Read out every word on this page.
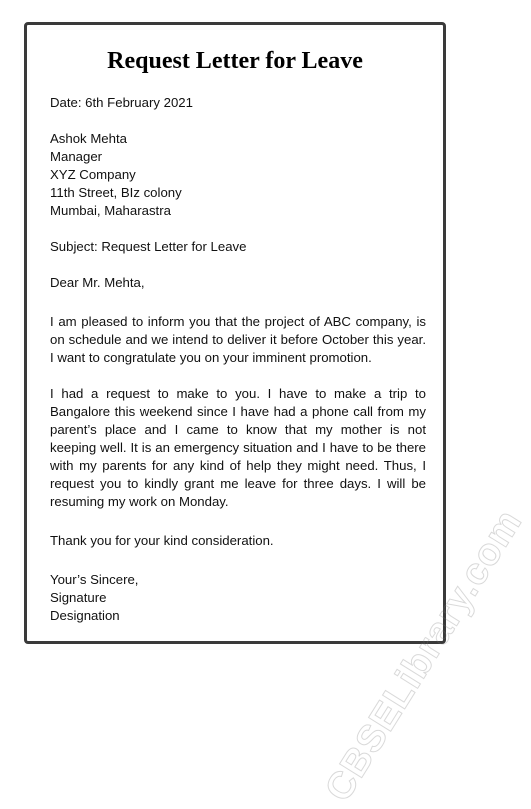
CBSELibrary.com
Request Letter for Leave

Date: 6th February 2021

Ashok Mehta
Manager
XYZ Company
11th Street, BIz colony
Mumbai, Maharastra

Subject: Request Letter for Leave

Dear Mr. Mehta,

I am pleased to inform you that the project of ABC company, is on schedule and we intend to deliver it before October this year. I want to congratulate you on your imminent promotion.

I had a request to make to you. I have to make a trip to Bangalore this weekend since I have had a phone call from my parent’s place and I came to know that my mother is not keeping well. It is an emergency situation and I have to be there with my parents for any kind of help they might need. Thus, I request you to kindly grant me leave for three days. I will be resuming my work on Monday.

Thank you for your kind consideration.

Your’s Sincere,
Signature
Designation
